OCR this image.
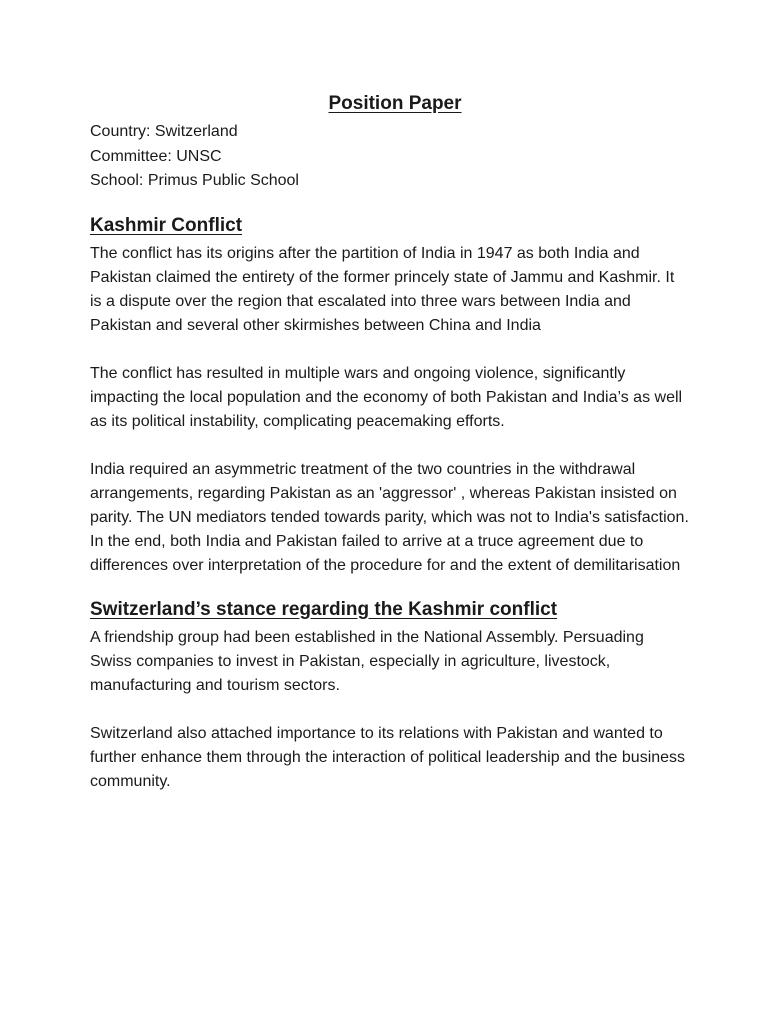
Position Paper

Country: Switzerland

Committee: UNSC

School: Primus Public School

Kashmir Conflict

The conflict has its origins after the partition of India in 1947 as both India and Pakistan claimed the entirety of the former princely state of Jammu and Kashmir. It is a dispute over the region that escalated into three wars between India and Pakistan and several other skirmishes between China and India

The conflict has resulted in multiple wars and ongoing violence, significantly impacting the local population and the economy of both Pakistan and India’s as well as its political instability, complicating peacemaking efforts.

India required an asymmetric treatment of the two countries in the withdrawal arrangements, regarding Pakistan as an 'aggressor' , whereas Pakistan insisted on parity. The UN mediators tended towards parity, which was not to India's satisfaction. In the end, both India and Pakistan failed to arrive at a truce agreement due to differences over interpretation of the procedure for and the extent of demilitarisation

Switzerland’s stance regarding the Kashmir conflict

A friendship group had been established in the National Assembly. Persuading Swiss companies to invest in Pakistan, especially in agriculture, livestock, manufacturing and tourism sectors.

Switzerland also attached importance to its relations with Pakistan and wanted to further enhance them through the interaction of political leadership and the business community.
